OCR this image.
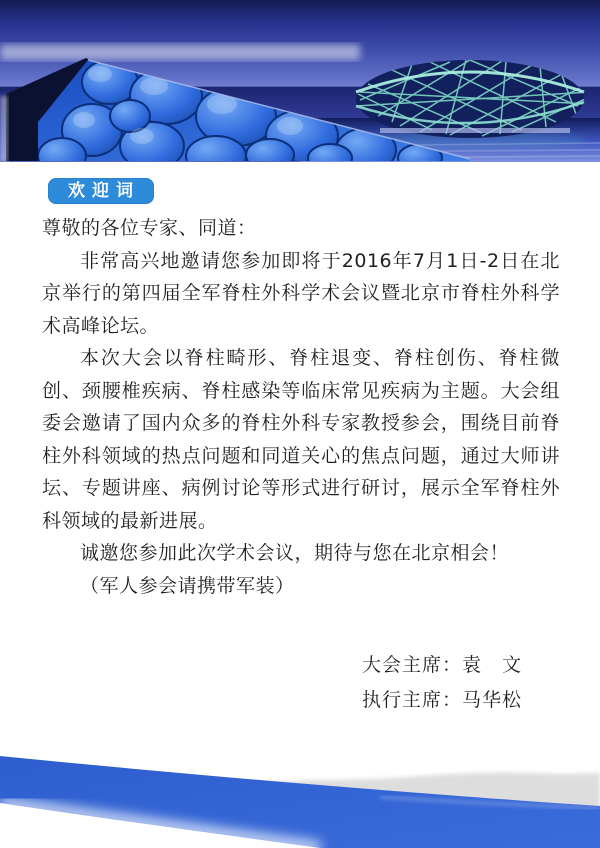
欢迎词

尊敬的各位专家、同道：

非常高兴地邀请您参加即将于2016年7月1日-2日在北京举行的第四届全军脊柱外科学术会议暨北京市脊柱外科学术高峰论坛。

本次大会以脊柱畸形、脊柱退变、脊柱创伤、脊柱微创、颈腰椎疾病、脊柱感染等临床常见疾病为主题。大会组委会邀请了国内众多的脊柱外科专家教授参会，围绕目前脊柱外科领域的热点问题和同道关心的焦点问题，通过大师讲坛、专题讲座、病例讨论等形式进行研讨，展示全军脊柱外科领域的最新进展。

诚邀您参加此次学术会议，期待与您在北京相会！

（军人参会请携带军装）

大会主席：袁　文

执行主席：马华松
